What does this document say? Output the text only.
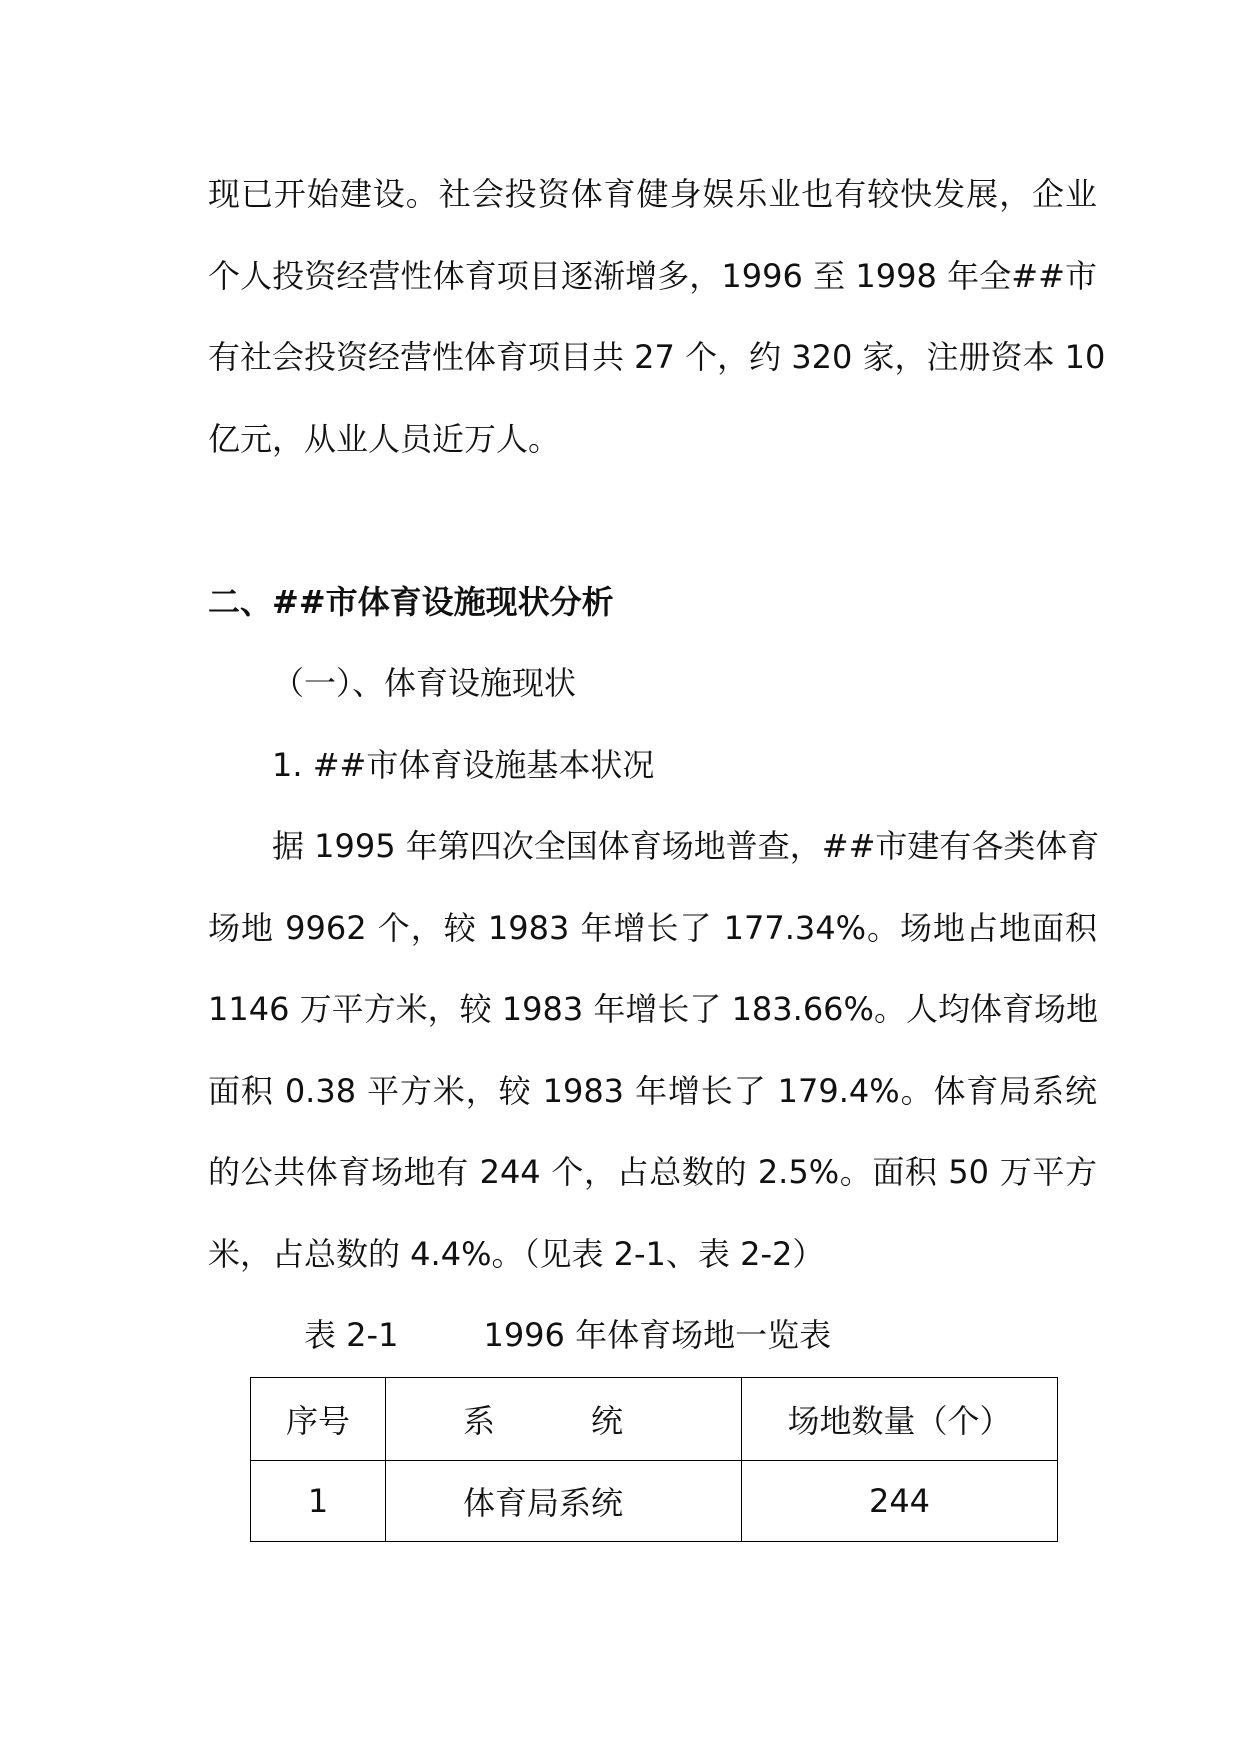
现已开始建设。社会投资体育健身娱乐业也有较快发展，企业
个人投资经营性体育项目逐渐增多，1996 至 1998 年全##市
有社会投资经营性体育项目共 27 个，约 320 家，注册资本 10
亿元，从业人员近万人。
二、##市体育设施现状分析
（一）、体育设施现状
1. ##市体育设施基本状况
据 1995 年第四次全国体育场地普查，##市建有各类体育
场地 9962 个，较 1983 年增长了 177.34%。场地占地面积
1146 万平方米，较 1983 年增长了 183.66%。人均体育场地
面积 0.38 平方米，较 1983 年增长了 179.4%。体育局系统
的公共体育场地有 244 个，占总数的 2.5%。面积 50 万平方
米，占总数的 4.4%。（见表 2-1、表 2-2）
表 2-1	1996 年体育场地一览表
序号	系　　　统	场地数量（个）
1	体育局系统	244
